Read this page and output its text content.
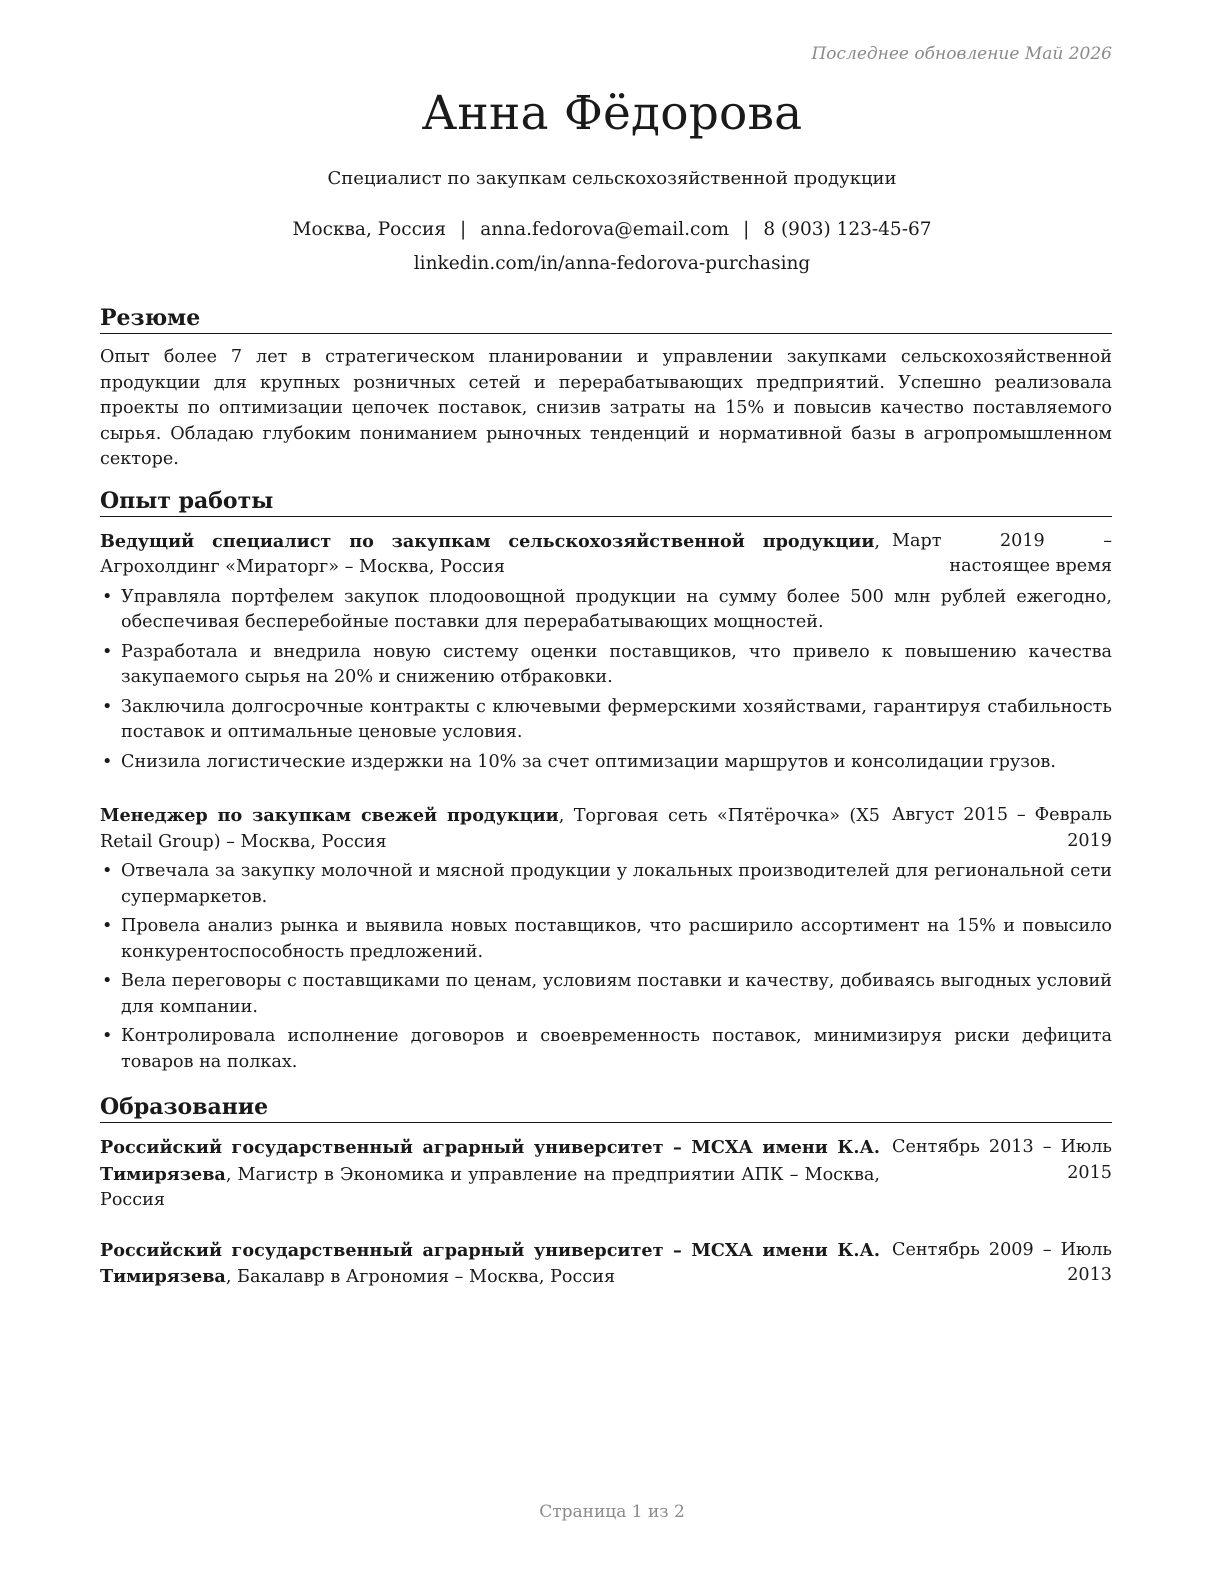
Последнее обновление Май 2026
Анна Фёдорова
Специалист по закупкам сельскохозяйственной продукции
Москва, Россия | anna.fedorova@email.com | 8 (903) 123-45-67
linkedin.com/in/anna-fedorova-purchasing
Резюме

Опыт более 7 лет в стратегическом планировании и управлении закупками сельскохозяйственной продукции для крупных розничных сетей и перерабатывающих предприятий. Успешно реализовала проекты по оптимизации цепочек поставок, снизив затраты на 15% и повысив качество поставляемого сырья. Обладаю глубоким пониманием рыночных тенденций и нормативной базы в агропромышленном секторе.

Опыт работы
Ведущий специалист по закупкам сельскохозяйственной продукции, Агрохолдинг «Мираторг» – Москва, Россия
Март 2019 –
настоящее время
• Управляла портфелем закупок плодоовощной продукции на сумму более 500 млн рублей ежегодно, обеспечивая бесперебойные поставки для перерабатывающих мощностей.
• Разработала и внедрила новую систему оценки поставщиков, что привело к повышению качества закупаемого сырья на 20% и снижению отбраковки.
• Заключила долгосрочные контракты с ключевыми фермерскими хозяйствами, гарантируя стабильность поставок и оптимальные ценовые условия.
• Снизила логистические издержки на 10% за счет оптимизации маршрутов и консолидации грузов.
Менеджер по закупкам свежей продукции, Торговая сеть «Пятёрочка» (X5 Retail Group) – Москва, Россия
Август 2015 – Февраль
2019
• Отвечала за закупку молочной и мясной продукции у локальных производителей для региональной сети супермаркетов.
• Провела анализ рынка и выявила новых поставщиков, что расширило ассортимент на 15% и повысило конкурентоспособность предложений.
• Вела переговоры с поставщиками по ценам, условиям поставки и качеству, добиваясь выгодных условий для компании.
• Контролировала исполнение договоров и своевременность поставок, минимизируя риски дефицита товаров на полках.
Образование
Российский государственный аграрный университет – МСХА имени К.А. Тимирязева, Магистр в Экономика и управление на предприятии АПК – Москва, Россия
Сентябрь 2013 – Июль
2015
Российский государственный аграрный университет – МСХА имени К.А. Тимирязева, Бакалавр в Агрономия – Москва, Россия
Сентябрь 2009 – Июль
2013
Страница 1 из 2
